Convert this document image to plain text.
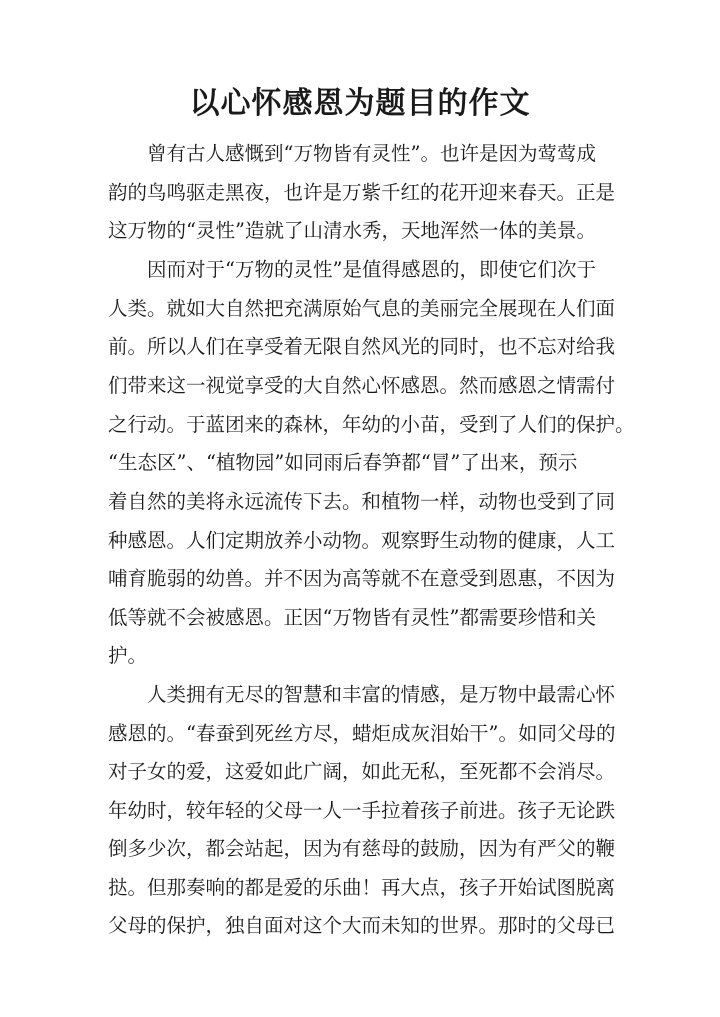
以心怀感恩为题目的作文
曾有古人感慨到“万物皆有灵性”。也许是因为莺莺成
韵的鸟鸣驱走黑夜，也许是万紫千红的花开迎来春天。正是
这万物的“灵性”造就了山清水秀，天地浑然一体的美景。
因而对于“万物的灵性”是值得感恩的，即使它们次于
人类。就如大自然把充满原始气息的美丽完全展现在人们面
前。所以人们在享受着无限自然风光的同时，也不忘对给我
们带来这一视觉享受的大自然心怀感恩。然而感恩之情需付
之行动。于蓝团来的森林，年幼的小苗，受到了人们的保护。
“生态区”、“植物园”如同雨后春笋都“冒”了出来，预示
着自然的美将永远流传下去。和植物一样，动物也受到了同
种感恩。人们定期放养小动物。观察野生动物的健康，人工
哺育脆弱的幼兽。并不因为高等就不在意受到恩惠，不因为
低等就不会被感恩。正因“万物皆有灵性”都需要珍惜和关
护。
人类拥有无尽的智慧和丰富的情感，是万物中最需心怀
感恩的。“春蚕到死丝方尽，蜡炬成灰泪始干”。如同父母的
对子女的爱，这爱如此广阔，如此无私，至死都不会消尽。
年幼时，较年轻的父母一人一手拉着孩子前进。孩子无论跌
倒多少次，都会站起，因为有慈母的鼓励，因为有严父的鞭
挞。但那奏响的都是爱的乐曲！再大点，孩子开始试图脱离
父母的保护，独自面对这个大而未知的世界。那时的父母已
